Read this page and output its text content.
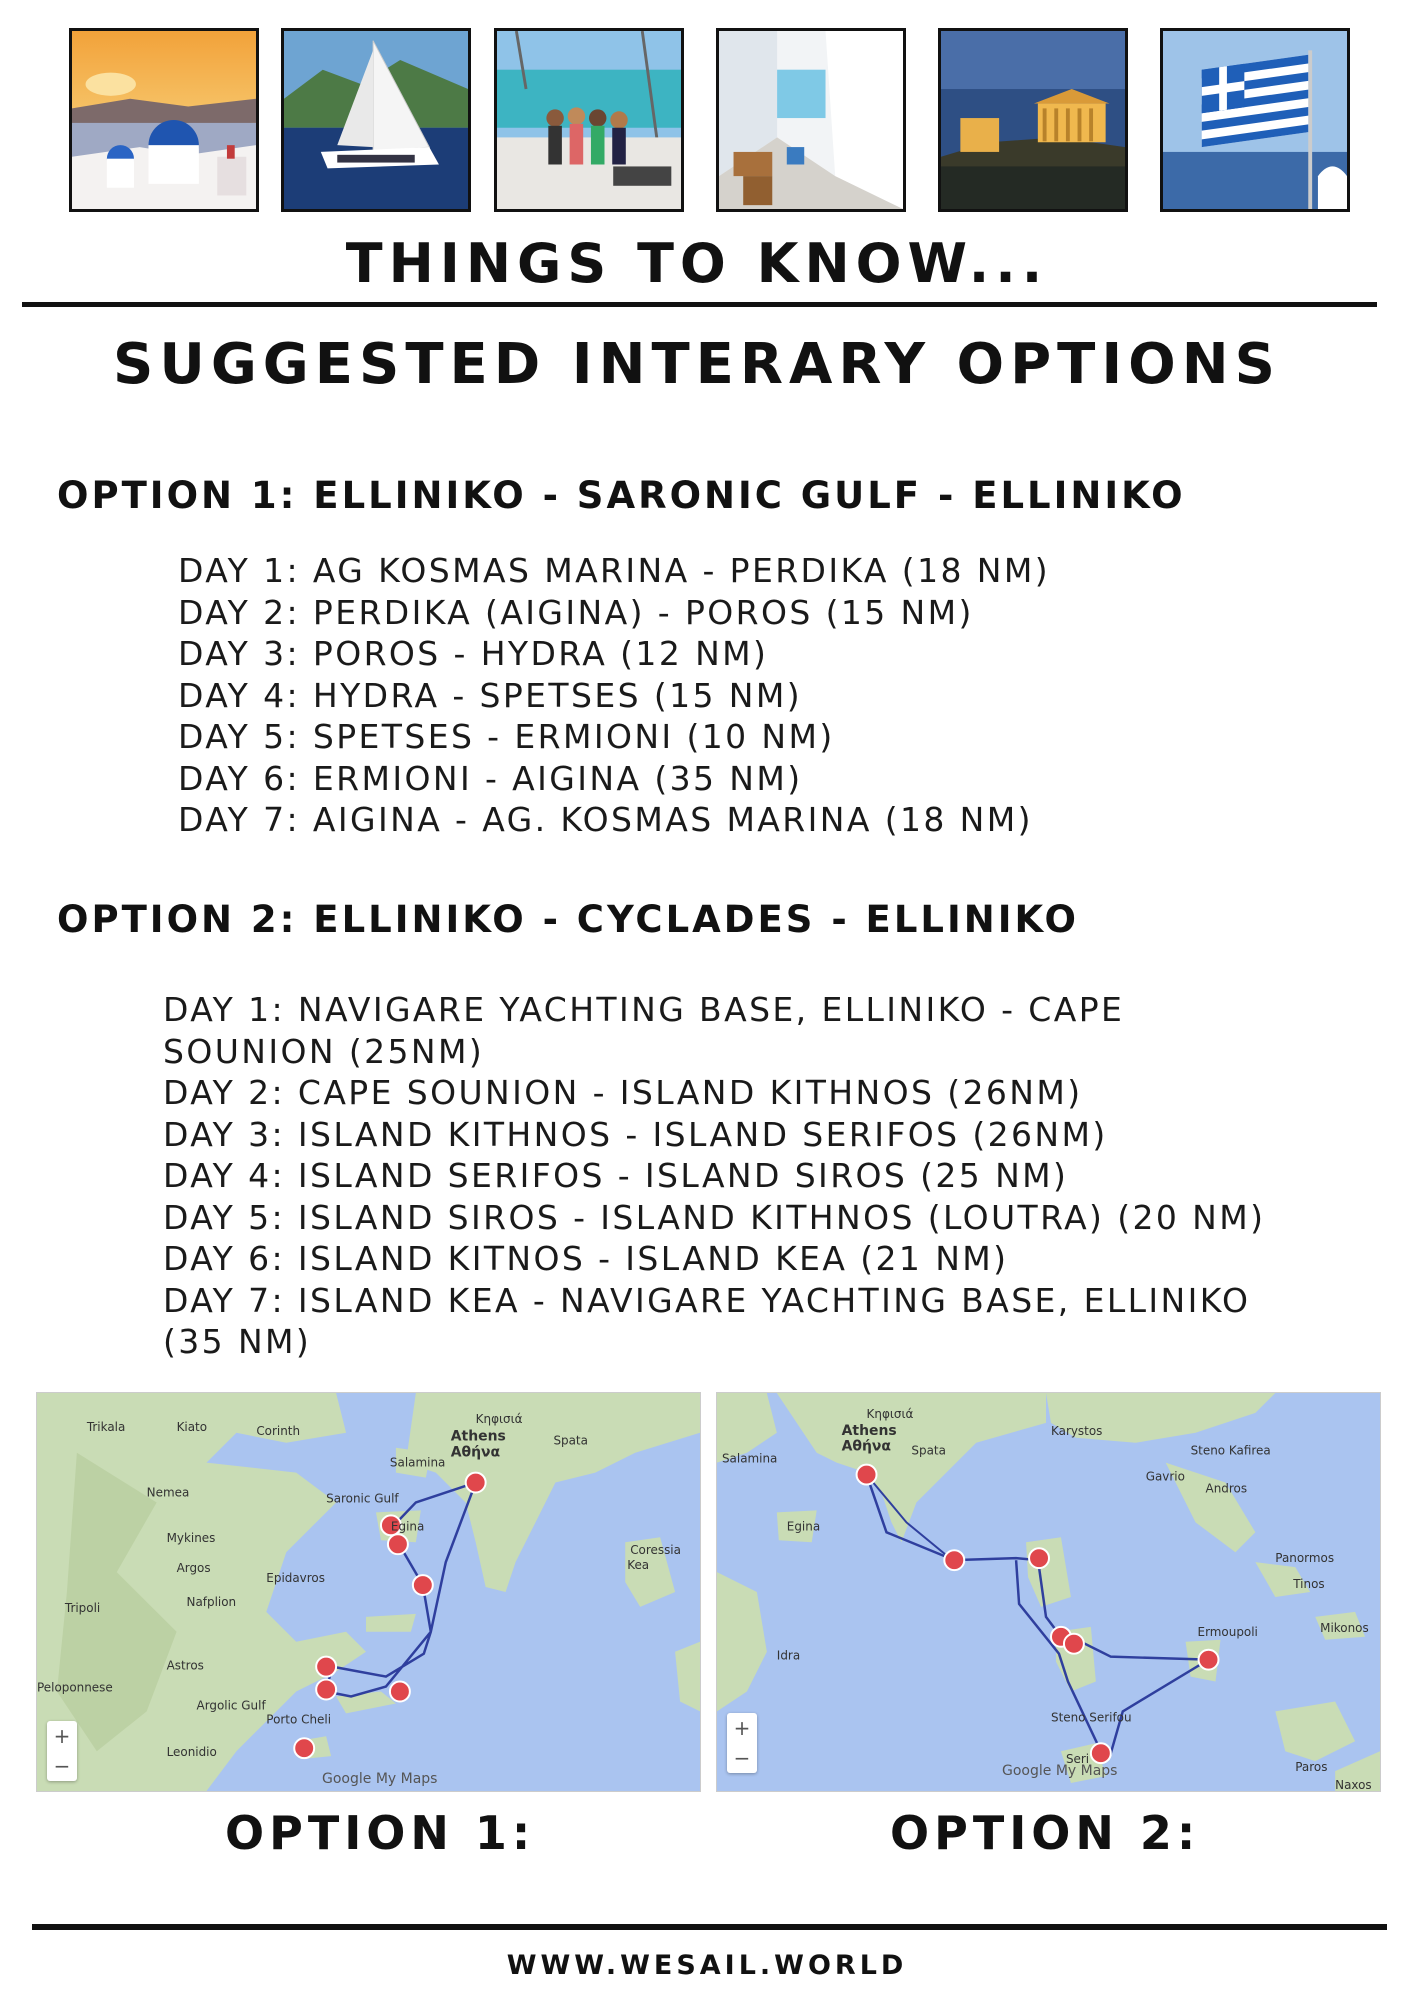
THINGS TO KNOW...
SUGGESTED INTERARY OPTIONS
OPTION 1: ELLINIKO - SARONIC GULF - ELLINIKO
DAY 1: AG KOSMAS MARINA - PERDIKA (18 NM)
DAY 2: PERDIKA (AIGINA) - POROS (15 NM)
DAY 3: POROS - HYDRA (12 NM)
DAY 4: HYDRA - SPETSES (15 NM)
DAY 5: SPETSES - ERMIONI (10 NM)
DAY 6: ERMIONI - AIGINA (35 NM)
DAY 7: AIGINA - AG. KOSMAS MARINA (18 NM)
OPTION 2: ELLINIKO - CYCLADES - ELLINIKO
DAY 1: NAVIGARE YACHTING BASE, ELLINIKO - CAPE
SOUNION (25NM)
DAY 2: CAPE SOUNION - ISLAND KITHNOS (26NM)
DAY 3: ISLAND KITHNOS - ISLAND SERIFOS (26NM)
DAY 4: ISLAND SERIFOS - ISLAND SIROS (25 NM)
DAY 5: ISLAND SIROS - ISLAND KITHNOS (LOUTRA) (20 NM)
DAY 6: ISLAND KITNOS - ISLAND KEA (21 NM)
DAY 7: ISLAND KEA - NAVIGARE YACHTING BASE, ELLINIKO
(35 NM)
Athens
Αθήνα
Salamina
Egina
Corinth
Kiato
Trikala
Nemea
Mykines
Argos
Nafplion
Epidavros
Tripoli
Astros
Peloponnese
Argolic Gulf
Porto Cheli
Leonidio
Saronic Gulf
Kea
Coressia
Spata
Κηφισιά
+
−
Google My Maps
Athens
Αθήνα
Κηφισιά
Salamina
Egina
Spata
Karystos
Steno Kafirea
Gavrio
Andros
Panormos
Tinos
Mikonos
Ermoupoli
Paros
Naxos
Idra
Steno Serifou
Seri
+
−
Google My Maps
OPTION 1:	OPTION 2:
WWW.WESAIL.WORLD
